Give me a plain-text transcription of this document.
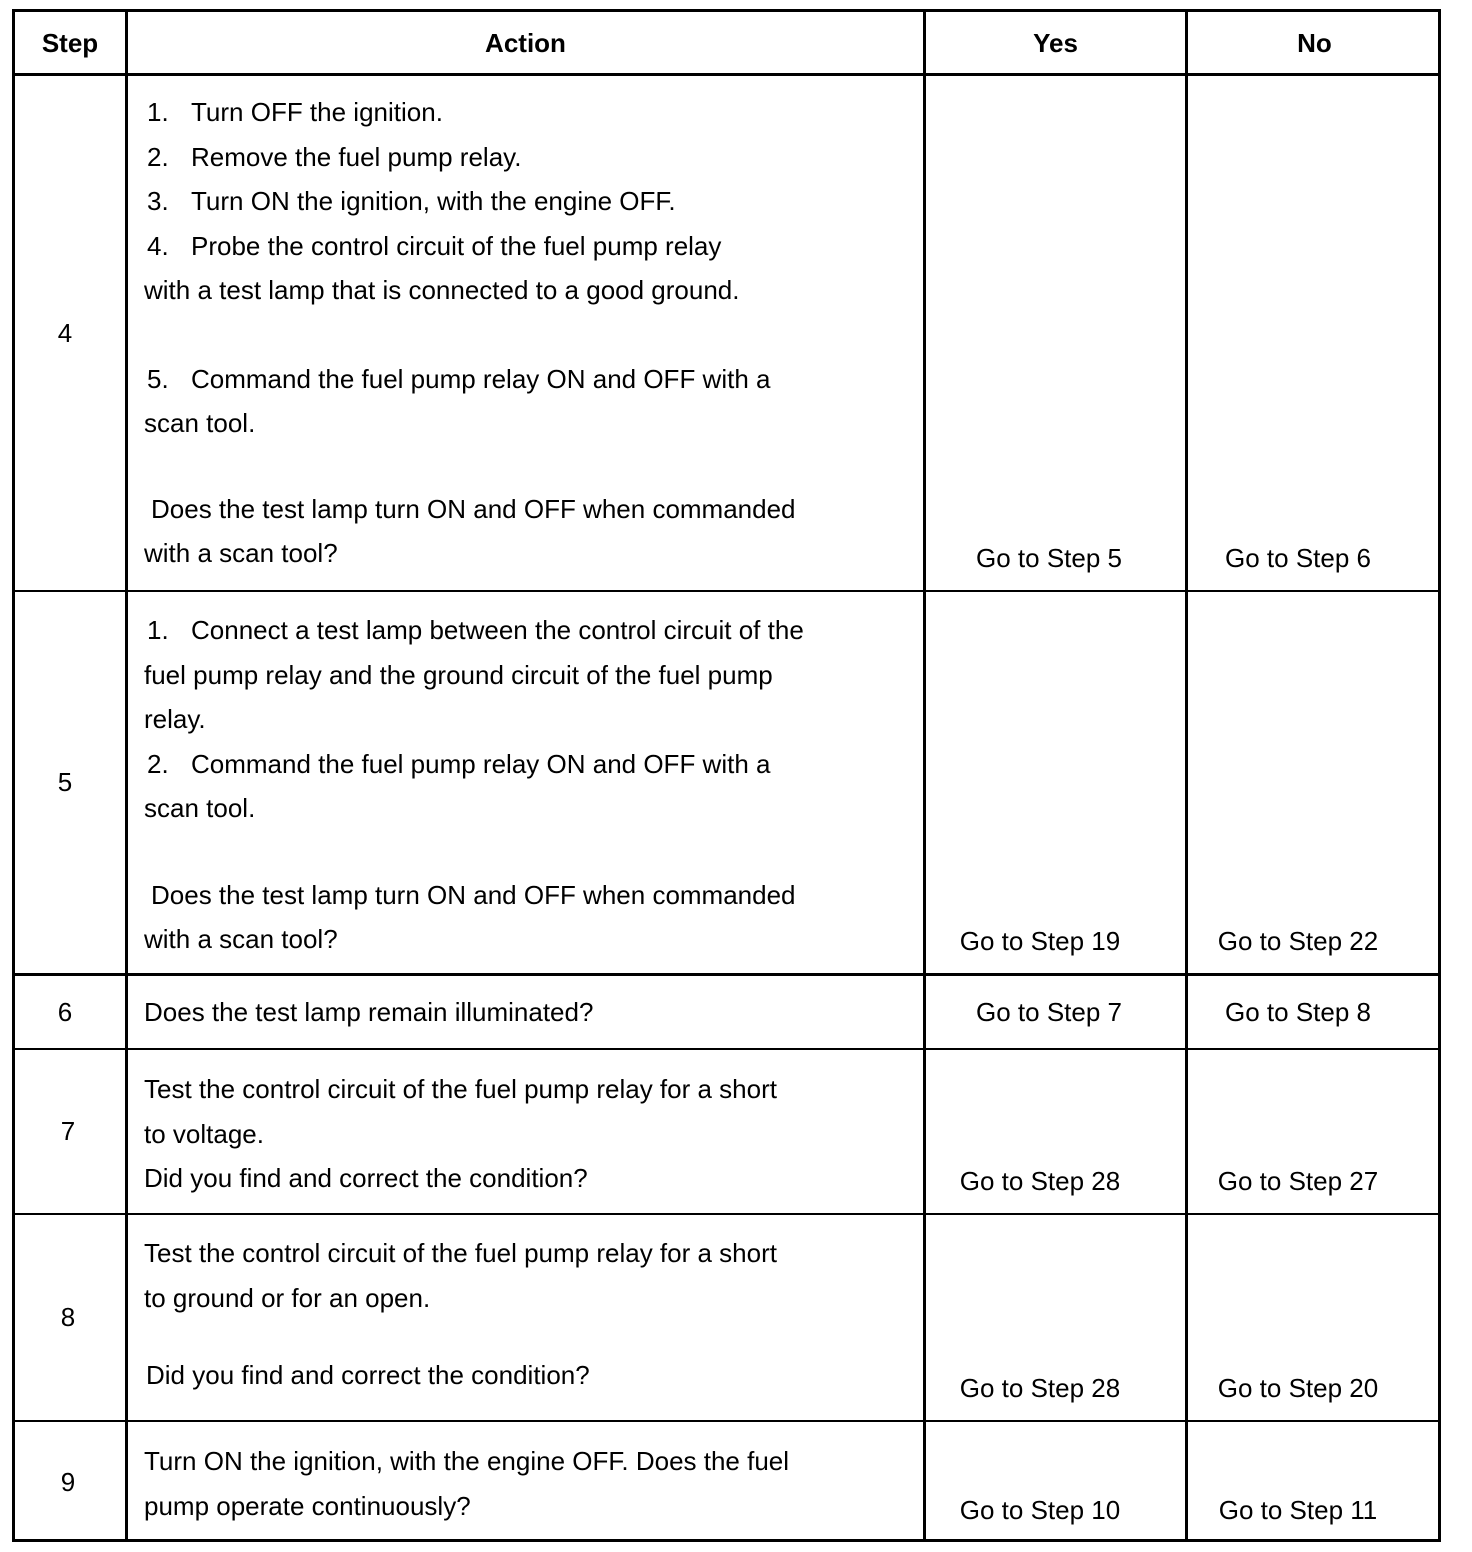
Step	Action	Yes	No
4
1. Turn OFF the ignition.
2. Remove the fuel pump relay.
3. Turn ON the ignition, with the engine OFF.
4. Probe the control circuit of the fuel pump relay
with a test lamp that is connected to a good ground.
5. Command the fuel pump relay ON and OFF with a
scan tool.
Does the test lamp turn ON and OFF when commanded
with a scan tool?	Go to Step 5	Go to Step 6
5
1. Connect a test lamp between the control circuit of the
fuel pump relay and the ground circuit of the fuel pump
relay.
2. Command the fuel pump relay ON and OFF with a
scan tool.
Does the test lamp turn ON and OFF when commanded
with a scan tool?	Go to Step 19	Go to Step 22
6	Does the test lamp remain illuminated?	Go to Step 7	Go to Step 8
7
Test the control circuit of the fuel pump relay for a short
to voltage.
Did you find and correct the condition?	Go to Step 28	Go to Step 27
8
Test the control circuit of the fuel pump relay for a short
to ground or for an open.
Did you find and correct the condition?	Go to Step 28	Go to Step 20
9
Turn ON the ignition, with the engine OFF. Does the fuel
pump operate continuously?	Go to Step 10	Go to Step 11
